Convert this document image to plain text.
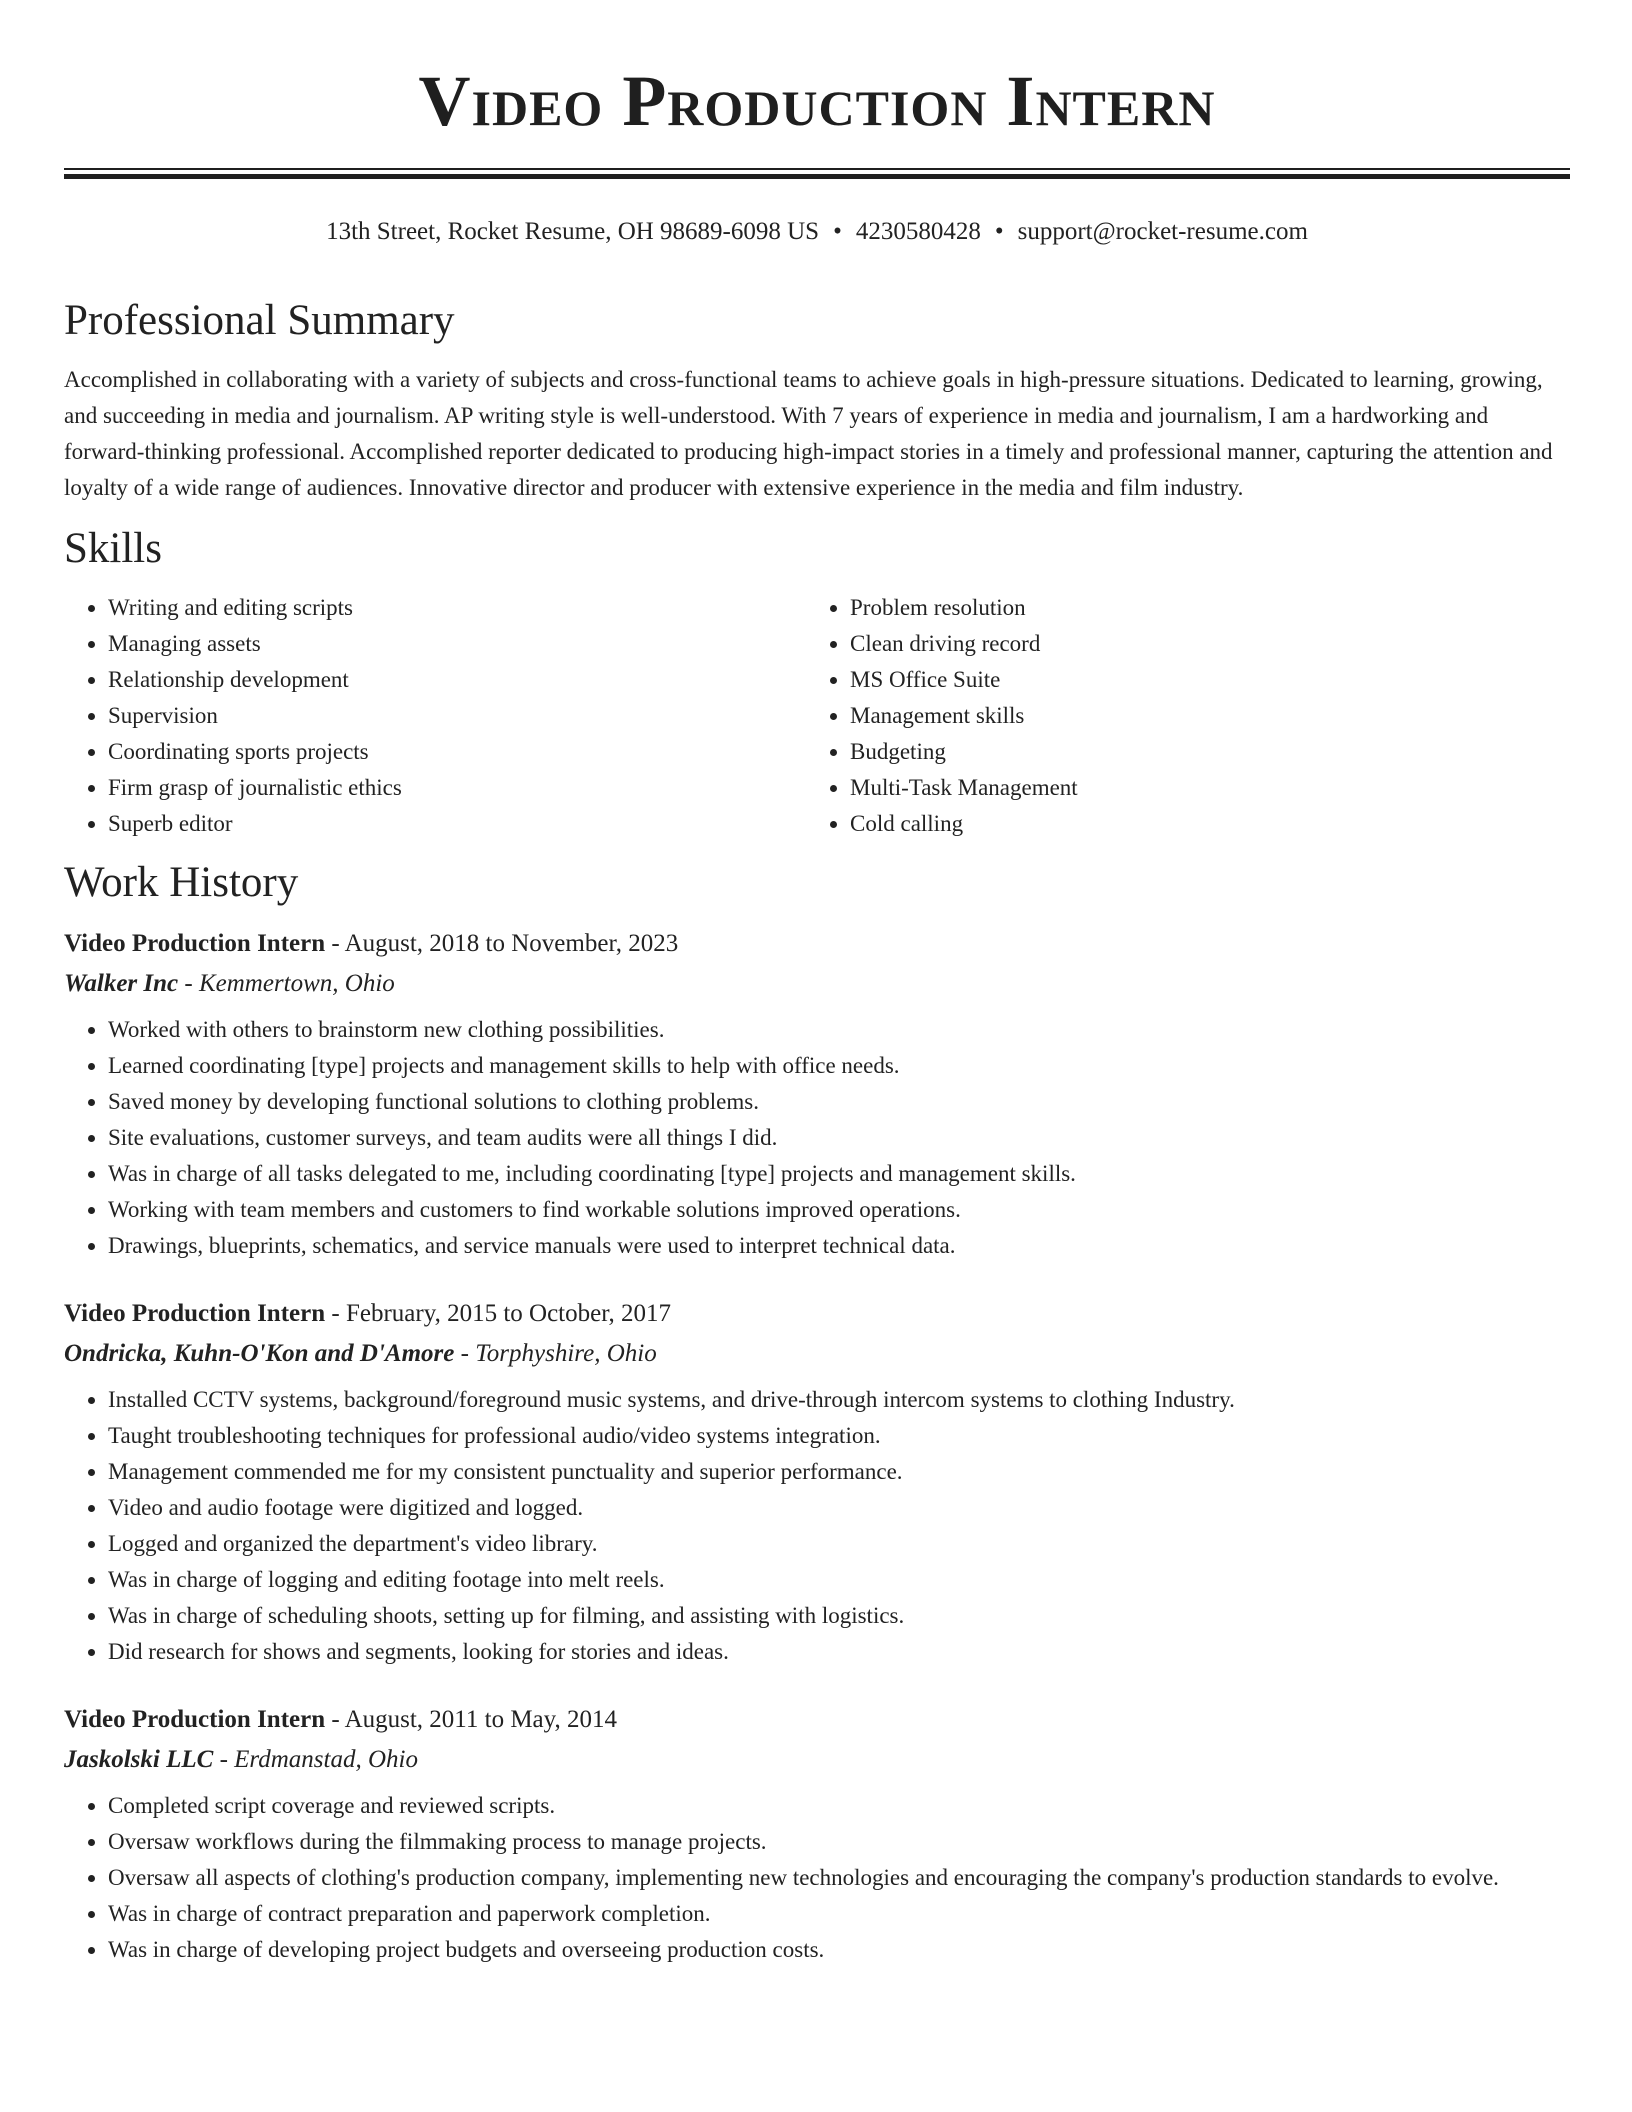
Video Production Intern
13th Street, Rocket Resume, OH 98689-6098 US • 4230580428 • support@rocket-resume.com
Professional Summary

Accomplished in collaborating with a variety of subjects and cross-functional teams to achieve goals in high-pressure situations. Dedicated to learning, growing, and succeeding in media and journalism. AP writing style is well-understood. With 7 years of experience in media and journalism, I am a hardworking and forward-thinking professional. Accomplished reporter dedicated to producing high-impact stories in a timely and professional manner, capturing the attention and loyalty of a wide range of audiences. Innovative director and producer with extensive experience in the media and film industry.

Skills
• Writing and editing scripts
• Managing assets
• Relationship development
• Supervision
• Coordinating sports projects
• Firm grasp of journalistic ethics
• Superb editor
• Problem resolution
• Clean driving record
• MS Office Suite
• Management skills
• Budgeting
• Multi-Task Management
• Cold calling
Work History
Video Production Intern - August, 2018 to November, 2023
Walker Inc - Kemmertown, Ohio
• Worked with others to brainstorm new clothing possibilities.
• Learned coordinating [type] projects and management skills to help with office needs.
• Saved money by developing functional solutions to clothing problems.
• Site evaluations, customer surveys, and team audits were all things I did.
• Was in charge of all tasks delegated to me, including coordinating [type] projects and management skills.
• Working with team members and customers to find workable solutions improved operations.
• Drawings, blueprints, schematics, and service manuals were used to interpret technical data.
Video Production Intern - February, 2015 to October, 2017
Ondricka, Kuhn-O'Kon and D'Amore - Torphyshire, Ohio
• Installed CCTV systems, background/foreground music systems, and drive-through intercom systems to clothing Industry.
• Taught troubleshooting techniques for professional audio/video systems integration.
• Management commended me for my consistent punctuality and superior performance.
• Video and audio footage were digitized and logged.
• Logged and organized the department's video library.
• Was in charge of logging and editing footage into melt reels.
• Was in charge of scheduling shoots, setting up for filming, and assisting with logistics.
• Did research for shows and segments, looking for stories and ideas.
Video Production Intern - August, 2011 to May, 2014
Jaskolski LLC - Erdmanstad, Ohio
• Completed script coverage and reviewed scripts.
• Oversaw workflows during the filmmaking process to manage projects.
• Oversaw all aspects of clothing's production company, implementing new technologies and encouraging the company's production standards to evolve.
• Was in charge of contract preparation and paperwork completion.
• Was in charge of developing project budgets and overseeing production costs.
